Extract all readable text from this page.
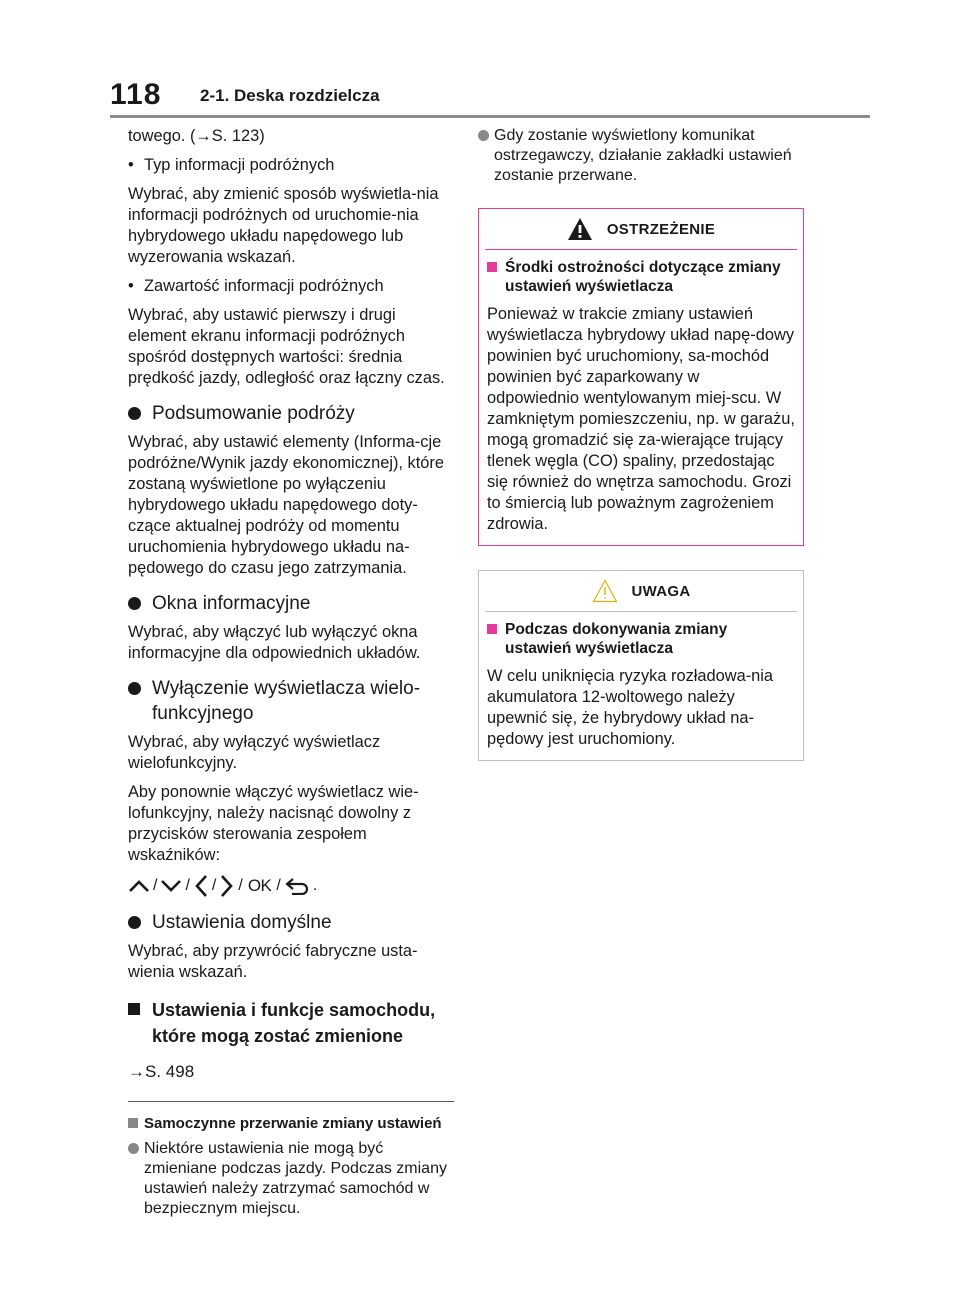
118 2-1. Deska rozdzielcza

towego. (→S. 123)

• Typ informacji podróżnych

Wybrać, aby zmienić sposób wyświetla-nia informacji podróżnych od uruchomie-nia hybrydowego układu napędowego lub wyzerowania wskazań.

• Zawartość informacji podróżnych

Wybrać, aby ustawić pierwszy i drugi element ekranu informacji podróżnych spośród dostępnych wartości: średnia prędkość jazdy, odległość oraz łączny czas.

Podsumowanie podróży

Wybrać, aby ustawić elementy (Informa-cje podróżne/Wynik jazdy ekonomicznej), które zostaną wyświetlone po wyłączeniu hybrydowego układu napędowego doty-czące aktualnej podróży od momentu uruchomienia hybrydowego układu na-pędowego do czasu jego zatrzymania.

Okna informacyjne

Wybrać, aby włączyć lub wyłączyć okna informacyjne dla odpowiednich układów.

Wyłączenie wyświetlacza wielo-funkcyjnego

Wybrać, aby wyłączyć wyświetlacz wielofunkcyjny.

Aby ponownie włączyć wyświetlacz wie-lofunkcyjny, należy nacisnąć dowolny z przycisków sterowania zespołem wskaźników:

/ / / / OK / .

Ustawienia domyślne

Wybrać, aby przywrócić fabryczne usta-wienia wskazań.

Ustawienia i funkcje samochodu, które mogą zostać zmienione

→S. 498

Samoczynne przerwanie zmiany ustawień

Niektóre ustawienia nie mogą być zmieniane podczas jazdy. Podczas zmiany ustawień należy zatrzymać samochód w bezpiecznym miejscu.

Gdy zostanie wyświetlony komunikat ostrzegawczy, działanie zakładki ustawień zostanie przerwane.

OSTRZEŻENIE

Środki ostrożności dotyczące zmiany ustawień wyświetlacza

Ponieważ w trakcie zmiany ustawień wyświetlacza hybrydowy układ napę-dowy powinien być uruchomiony, sa-mochód powinien być zaparkowany w odpowiednio wentylowanym miej-scu. W zamkniętym pomieszczeniu, np. w garażu, mogą gromadzić się za-wierające trujący tlenek węgla (CO) spaliny, przedostając się również do wnętrza samochodu. Grozi to śmiercią lub poważnym zagrożeniem zdrowia.

UWAGA

Podczas dokonywania zmiany ustawień wyświetlacza

W celu uniknięcia ryzyka rozładowa-nia akumulatora 12-woltowego należy upewnić się, że hybrydowy układ na-pędowy jest uruchomiony.
